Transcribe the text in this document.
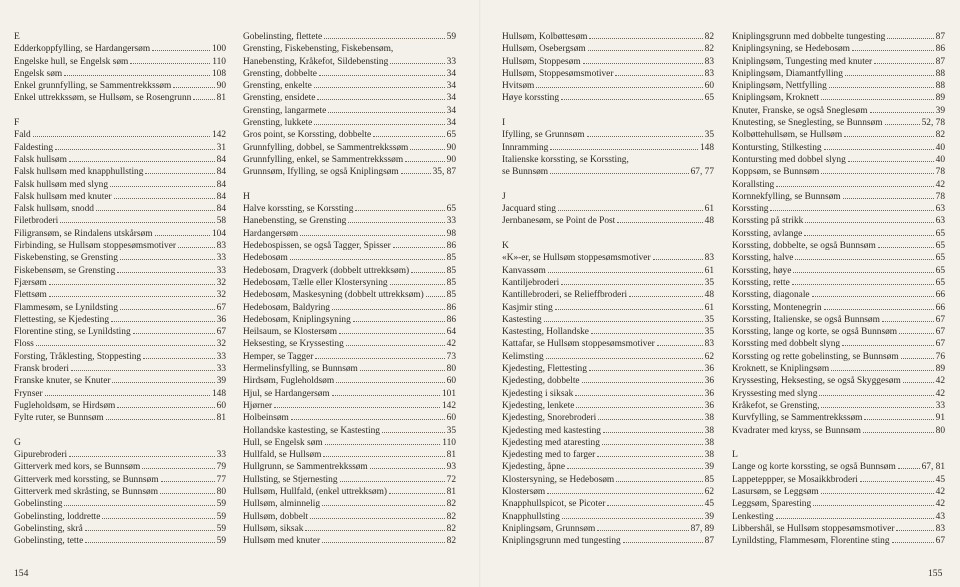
E
Edderkoppfylling, se Hardangersøm	100
Engelske hull, se Engelsk søm	110
Engelsk søm	108
Enkel grunnfylling, se Sammentrekkssøm	90
Enkel uttrekkssøm, se Hullsøm, se Rosengrunn	81
F
Fald	142
Faldesting	31
Falsk hullsøm	84
Falsk hullsøm med knapphullsting	84
Falsk hullsøm med slyng	84
Falsk hullsøm med knuter	84
Falsk hullsøm, snodd	84
Filetbroderi	58
Filigransøm, se Rindalens utskårsøm	104
Firbinding, se Hullsøm stoppesømsmotiver	83
Fiskebensting, se Grensting	33
Fiskebensøm, se Grensting	33
Fjærsøm	32
Flettsøm	32
Flammesøm, se Lynildsting	67
Flettesting, se Kjedesting	36
Florentine sting, se Lynildsting	67
Floss	32
Forsting, Tråklesting, Stoppesting	33
Fransk broderi	33
Franske knuter, se Knuter	39
Frynser	148
Fugleholdsøm, se Hirdsøm	60
Fylte ruter, se Bunnsøm	81
G
Gipurebroderi	33
Gitterverk med kors, se Bunnsøm	79
Gitterverk med korssting, se Bunnsøm	77
Gitterverk med skråsting, se Bunnsøm	80
Gobelinsting	59
Gobelinsting, loddrette	59
Gobelinsting, skrå	59
Gobelinsting, tette	59
Gobelinsting, flettete	59
Grensting, Fiskebensting, Fiskebensøm,
Hanebensting, Kråkefot, Sildebensting	33
Grensting, dobbelte	34
Grensting, enkelte	34
Grensting, ensidete	34
Grensting, langarmete	34
Grensting, lukkete	34
Gros point, se Korssting, dobbelte	65
Grunnfylling, dobbel, se Sammentrekkssøm	90
Grunnfylling, enkel, se Sammentrekkssøm	90
Grunnsøm, Ifylling, se også Kniplingsøm	35, 87
H
Halve korssting, se Korssting	65
Hanebensting, se Grensting	33
Hardangersøm	98
Hedebospissen, se også Tagger, Spisser	86
Hedebosøm	85
Hedebosøm, Dragverk (dobbelt uttrekksøm)	85
Hedebosøm, Tælle eller Klostersyning	85
Hedebosøm, Maskesyning (dobbelt uttrekksøm) 85
Hedebosøm, Baldyring	86
Hedebosøm, Kniplingsyning	86
Heilsaum, se Klostersøm	64
Heksesting, se Kryssesting	42
Hemper, se Tagger	73
Hermelinsfylling, se Bunnsøm	80
Hirdsøm, Fugleholdsøm	60
Hjul, se Hardangersøm	101
Hjørner	142
Holbeinsøm	60
Hollandske kastesting, se Kastesting	35
Hull, se Engelsk søm	110
Hullfald, se Hullsøm	81
Hullgrunn, se Sammentrekkssøm	93
Hullsting, se Stjernesting	72
Hullsøm, Hullfald, (enkel uttrekksøm)	81
Hullsøm, alminnelig	82
Hullsøm, dobbelt	82
Hullsøm, siksak	82
Hullsøm med knuter	82
Hullsøm, Kolbøttesøm	82
Hullsøm, Osebergsøm	82
Hullsøm, Stoppesøm	83
Hullsøm, Stoppesømsmotiver	83
Hvitsøm	60
Høye korssting	65
I
Ifylling, se Grunnsøm	35
Innramming	148
Italienske korssting, se Korssting,
se Bunnsøm	67, 77
J
Jacquard sting	61
Jernbanesøm, se Point de Post	48
K
«K»-er, se Hullsøm stoppesømsmotiver	83
Kanvassøm	61
Kantiljebroderi	35
Kantillebroderi, se Relieffbroderi	48
Kasjmir sting	61
Kastesting	35
Kastesting, Hollandske	35
Kattafar, se Hullsøm stoppesømsmotiver	83
Kelimsting	62
Kjedesting, Flettesting	36
Kjedesting, dobbelte	36
Kjedesting i siksak	36
Kjedesting, lenkete	36
Kjedesting, Snorebroderi	38
Kjedesting med kastesting	38
Kjedesting med ataresting	38
Kjedesting med to farger	38
Kjedesting, åpne	39
Klostersyning, se Hedebosøm	85
Klostersøm	62
Knapphullspicot, se Picoter	45
Knapphullsting	39
Kniplingsøm, Grunnsøm	87, 89
Kniplingsgrunn med tungesting	87
Kniplingsgrunn med dobbelte tungesting	87
Kniplingsyning, se Hedebosøm	86
Kniplingsøm, Tungesting med knuter	87
Kniplingsøm, Diamantfylling	88
Kniplingsøm, Nettfylling	88
Kniplingsøm, Kroknett	89
Knuter, Franske, se også Sneglesøm	39
Knutesting, se Sneglesting, se Bunnsøm	52, 78
Kolbøttehullsøm, se Hullsøm	82
Kontursting, Stilkesting	40
Kontursting med dobbel slyng	40
Koppsøm, se Bunnsøm	78
Korallsting	42
Kornnekfylling, se Bunnsøm	78
Korssting	63
Korssting på strikk	63
Korssting, avlange	65
Korssting, dobbelte, se også Bunnsøm	65
Korssting, halve	65
Korssting, høye	65
Korssting, rette	65
Korssting, diagonale	66
Korssting, Montenegrin	66
Korssting, Italienske, se også Bunnsøm	67
Korssting, lange og korte, se også Bunnsøm	67
Korssting med dobbelt slyng	67
Korssting og rette gobelinsting, se Bunnsøm	76
Kroknett, se Kniplingsøm	89
Kryssesting, Heksesting, se også Skyggesøm	42
Kryssesting med slyng	42
Kråkefot, se Grensting,	33
Kurvfylling, se Sammentrekkssøm	91
Kvadrater med kryss, se Bunnsøm	80
L
Lange og korte korssting, se også Bunnsøm	67, 81
Lappeteppper, se Mosaikkbroderi	45
Lasursøm, se Leggsøm	42
Leggsøm, Sparesting	42
Lenkesting	43
Libbershål, se Hullsøm stoppesømsmotiver	83
Lynildsting, Flammesøm, Florentine sting	67
154	155
